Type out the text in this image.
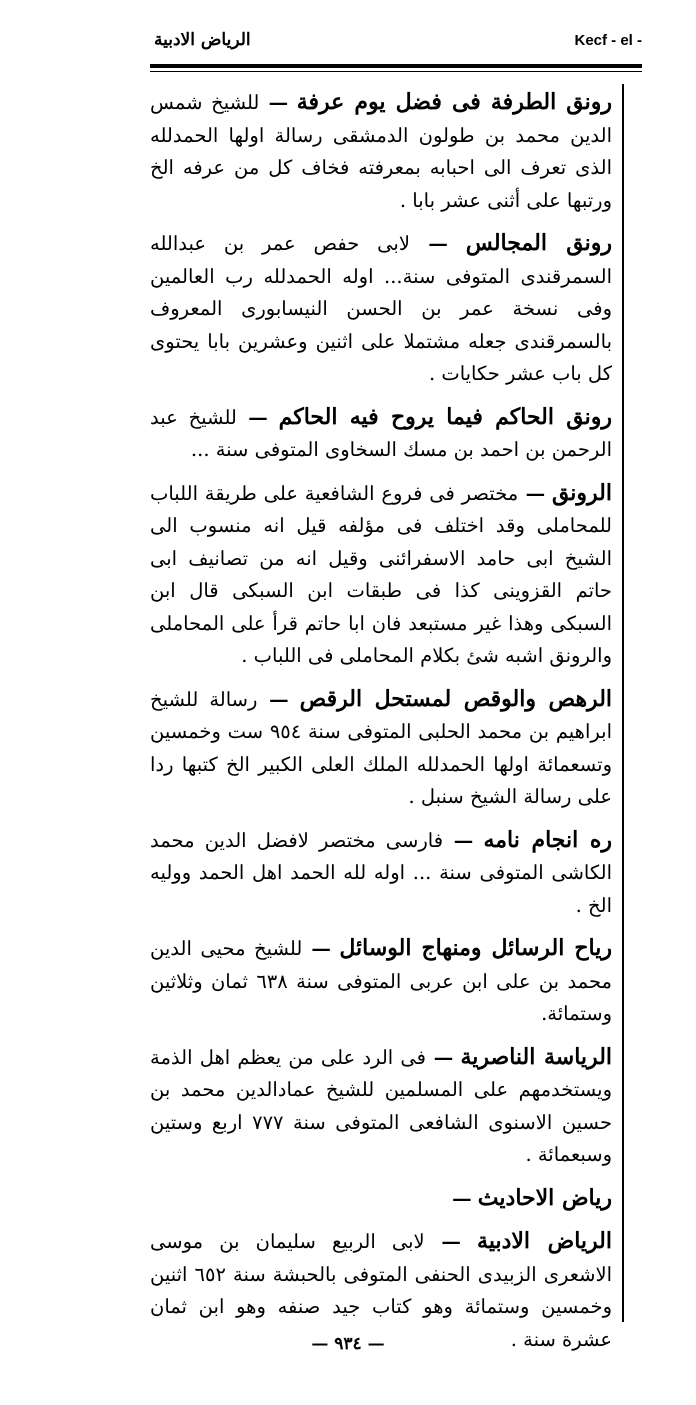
الرياض الادبية	Kecf - el -

رونق الطرفة فى فضل يوم عرفة — للشيخ شمس الدين محمد بن طولون الدمشقى رسالة اولها الحمدلله الذى تعرف الى احبابه بمعرفته فخاف كل من عرفه الخ ورتبها على أثنى عشر بابا .

رونق المجالس — لابى حفص عمر بن عبدالله السمرقندى المتوفى سنة... اوله الحمدلله رب العالمين وفى نسخة عمر بن الحسن النيسابورى المعروف بالسمرقندى جعله مشتملا على اثنين وعشرين بابا يحتوى كل باب عشر حكايات .

رونق الحاكم فيما يروح فيه الحاكم — للشيخ عبد الرحمن بن احمد بن مسك السخاوى المتوفى سنة ...

الرونق — مختصر فى فروع الشافعية على طريقة اللباب للمحاملى وقد اختلف فى مؤلفه قيل انه منسوب الى الشيخ ابى حامد الاسفرائنى وقيل انه من تصانيف ابى حاتم القزوينى كذا فى طبقات ابن السبكى قال ابن السبكى وهذا غير مستبعد فان ابا حاتم قرأ على المحاملى والرونق اشبه شئ بكلام المحاملى فى اللباب .

الرهص والوقص لمستحل الرقص — رسالة للشيخ ابراهيم بن محمد الحلبى المتوفى سنة ٩٥٤ ست وخمسين وتسعمائة اولها الحمدلله الملك العلى الكبير الخ كتبها ردا على رسالة الشيخ سنبل .

ره انجام نامه — فارسى مختصر لافضل الدين محمد الكاشى المتوفى سنة ... اوله لله الحمد اهل الحمد ووليه الخ .

رياح الرسائل ومنهاج الوسائل — للشيخ محيى الدين محمد بن على ابن عربى المتوفى سنة ٦٣٨ ثمان وثلاثين وستمائة.

الرياسة الناصرية — فى الرد على من يعظم اهل الذمة ويستخدمهم على المسلمين للشيخ عمادالدين محمد بن حسين الاسنوى الشافعى المتوفى سنة ٧٧٧ اربع وستين وسبعمائة .

رياض الاحاديث —

الرياض الادبية — لابى الربيع سليمان بن موسى الاشعرى الزبيدى الحنفى المتوفى بالحبشة سنة ٦٥٢ اثنين وخمسين وستمائة وهو كتاب جيد صنفه وهو ابن ثمان عشرة سنة .

— ٩٣٤ —
